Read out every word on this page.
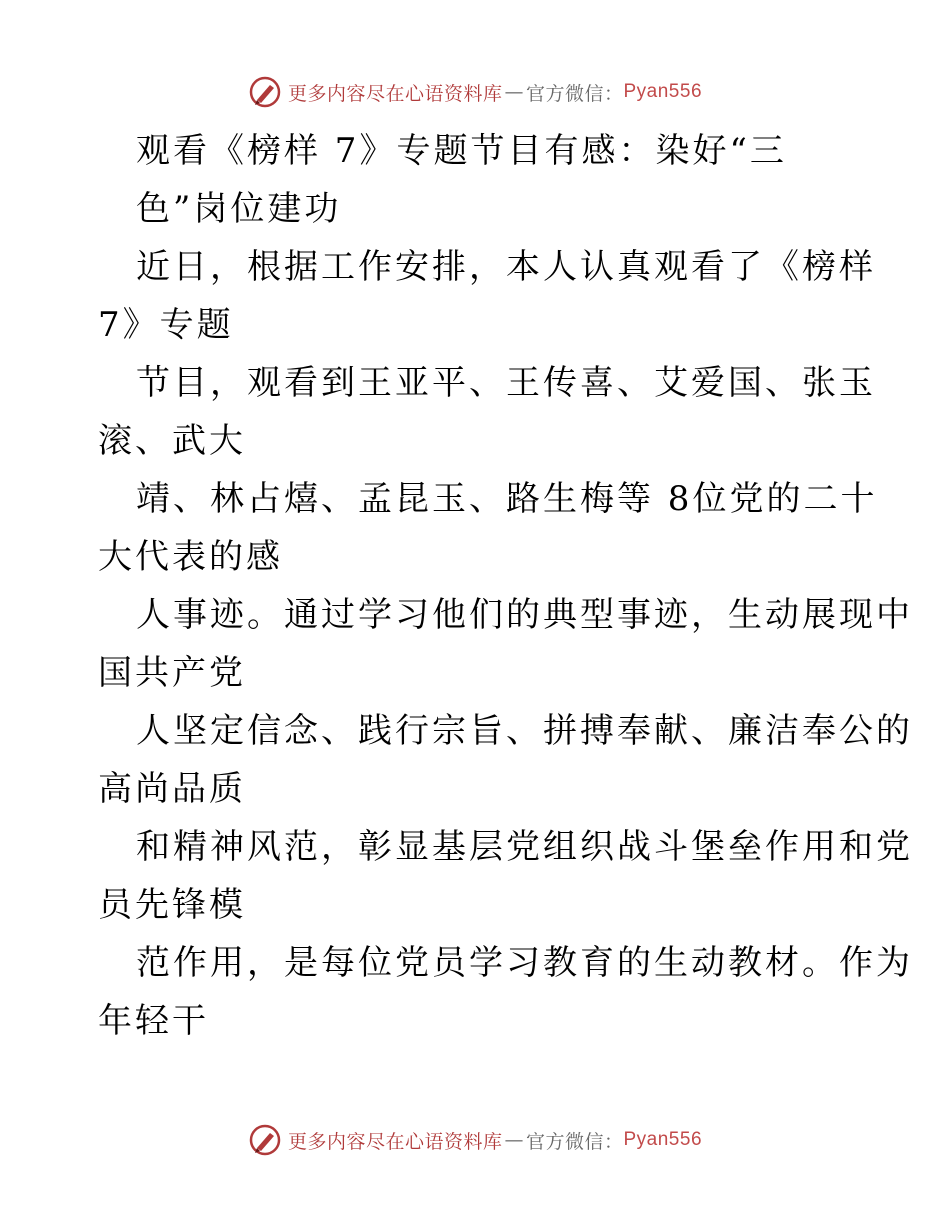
更多内容尽在心语资料库 — 官方微信： Pyan556
观看《榜样 7》专题节目有感：染好“三
色”岗位建功
近日，根据工作安排，本人认真观看了《榜样
7》专题
节目，观看到王亚平、王传喜、艾爱国、张玉
滚、武大
靖、林占熺、孟昆玉、路生梅等 8位党的二十
大代表的感
人事迹。通过学习他们的典型事迹，生动展现中
国共产党
人坚定信念、践行宗旨、拼搏奉献、廉洁奉公的
高尚品质
和精神风范，彰显基层党组织战斗堡垒作用和党
员先锋模
范作用，是每位党员学习教育的生动教材。作为
年轻干
更多内容尽在心语资料库 — 官方微信： Pyan556
